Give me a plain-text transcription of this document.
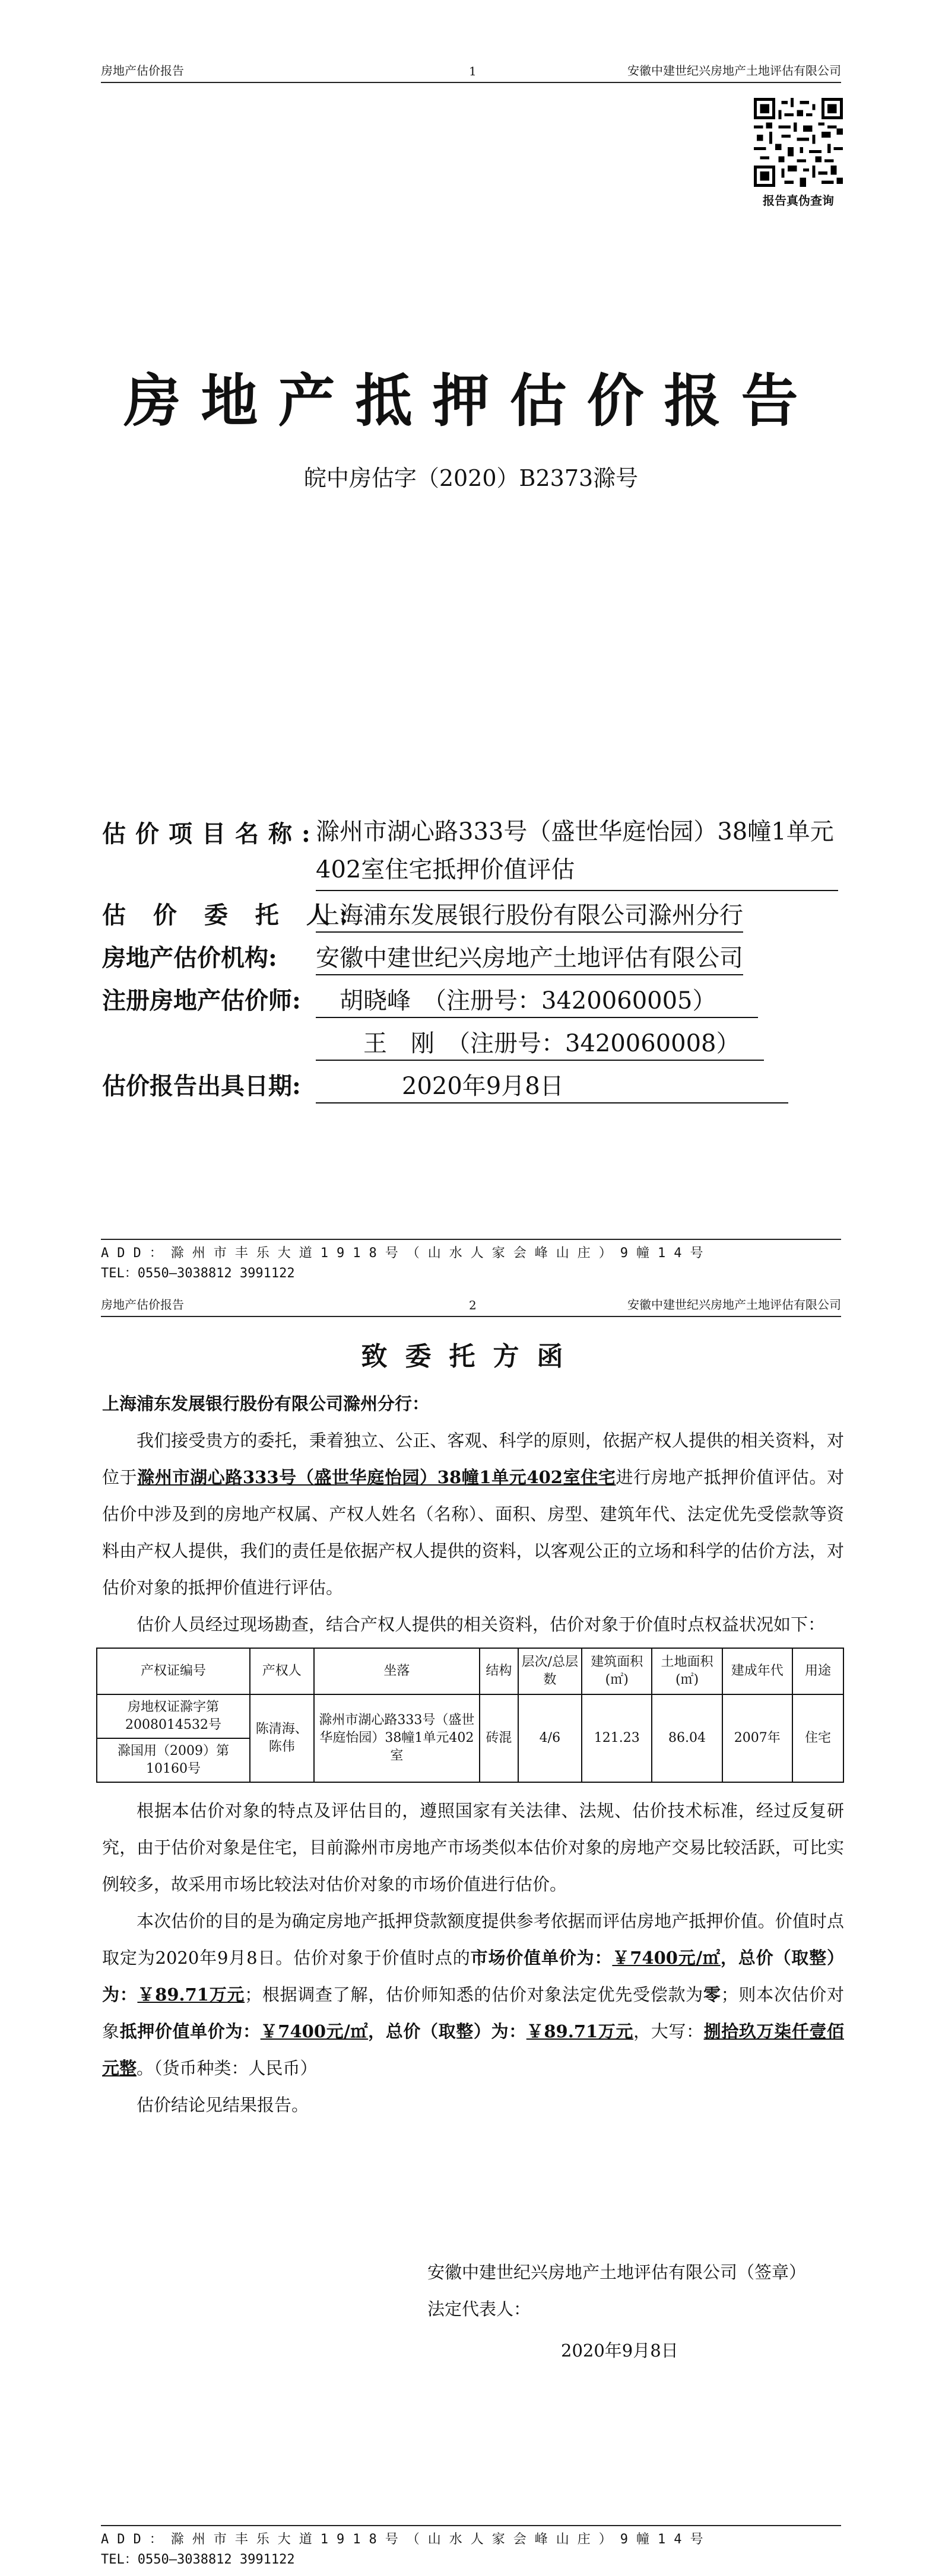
房地产估价报告	1	安徽中建世纪兴房地产土地评估有限公司
报告真伪查询
房地产抵押估价报告
皖中房估字（2020）B2373滁号
估价项目名称:
滁州市湖心路333号（盛世华庭怡园）38幢1单元402室住宅抵押价值评估
估 价 委 托 人:
上海浦东发展银行股份有限公司滁州分行
房地产估价机构: 安徽中建世纪兴房地产土地评估有限公司
注册房地产估价师:	胡晓峰　（注册号：3420060005）
王　刚　（注册号：3420060008）
估价报告出具日期:	2020年9月8日
ADD：滁州市丰乐大道1918号（山水人家会峰山庄）9幢14号
TEL：0550—3038812 3991122
房地产估价报告	2	安徽中建世纪兴房地产土地评估有限公司
致委托方函

上海浦东发展银行股份有限公司滁州分行：

我们接受贵方的委托，秉着独立、公正、客观、科学的原则，依据产权人提供的相关资料，对位于滁州市湖心路333号（盛世华庭怡园）38幢1单元402室住宅进行房地产抵押价值评估。对估价中涉及到的房地产权属、产权人姓名（名称）、面积、房型、建筑年代、法定优先受偿款等资料由产权人提供，我们的责任是依据产权人提供的资料，以客观公正的立场和科学的估价方法，对估价对象的抵押价值进行评估。

估价人员经过现场勘查，结合产权人提供的相关资料，估价对象于价值时点权益状况如下：

产权证编号	产权人	坐落	结构	层次/总层数	建筑面积(㎡)	土地面积(㎡)	建成年代	用途

房地权证滁字第2008014532号
滁国用（2009）第10160号	陈清海、陈伟	滁州市湖心路333号（盛世华庭怡园）38幢1单元402室	砖混	4/6	121.23	86.04	2007年	住宅

根据本估价对象的特点及评估目的，遵照国家有关法律、法规、估价技术标准，经过反复研究，由于估价对象是住宅，目前滁州市房地产市场类似本估价对象的房地产交易比较活跃，可比实例较多，故采用市场比较法对估价对象的市场价值进行估价。

本次估价的目的是为确定房地产抵押贷款额度提供参考依据而评估房地产抵押价值。价值时点取定为2020年9月8日。估价对象于价值时点的市场价值单价为：￥7400元/㎡，总价（取整）为：￥89.71万元；根据调查了解，估价师知悉的估价对象法定优先受偿款为零；则本次估价对象抵押价值单价为：￥7400元/㎡，总价（取整）为：￥89.71万元，大写：捌拾玖万柒仟壹佰元整。（货币种类：人民币）

估价结论见结果报告。

安徽中建世纪兴房地产土地评估有限公司（签章）
法定代表人：
2020年9月8日
ADD：滁州市丰乐大道1918号（山水人家会峰山庄）9幢14号
TEL：0550—3038812 3991122
